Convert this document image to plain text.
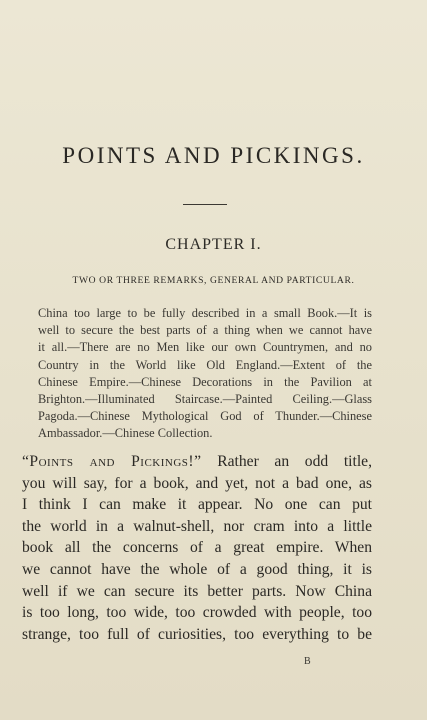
POINTS AND PICKINGS.
CHAPTER I.
TWO OR THREE REMARKS, GENERAL AND PARTICULAR.

China too large to be fully described in a small Book.—It is
well to secure the best parts of a thing when we cannot have
it all.—There are no Men like our own Countrymen, and no
Country in the World like Old England.—Extent of the
Chinese Empire.—Chinese Decorations in the Pavilion at
Brighton.—Illuminated Staircase.—Painted Ceiling.—Glass
Pagoda.—Chinese Mythological God of Thunder.—Chinese
Ambassador.—Chinese Collection.

“Points and Pickings!” Rather an odd title,
you will say, for a book, and yet, not a bad one, as
I think I can make it appear. No one can put
the world in a walnut-shell, nor cram into a little
book all the concerns of a great empire. When
we cannot have the whole of a good thing, it is
well if we can secure its better parts. Now China
is too long, too wide, too crowded with people, too
strange, too full of curiosities, too everything to be

B
